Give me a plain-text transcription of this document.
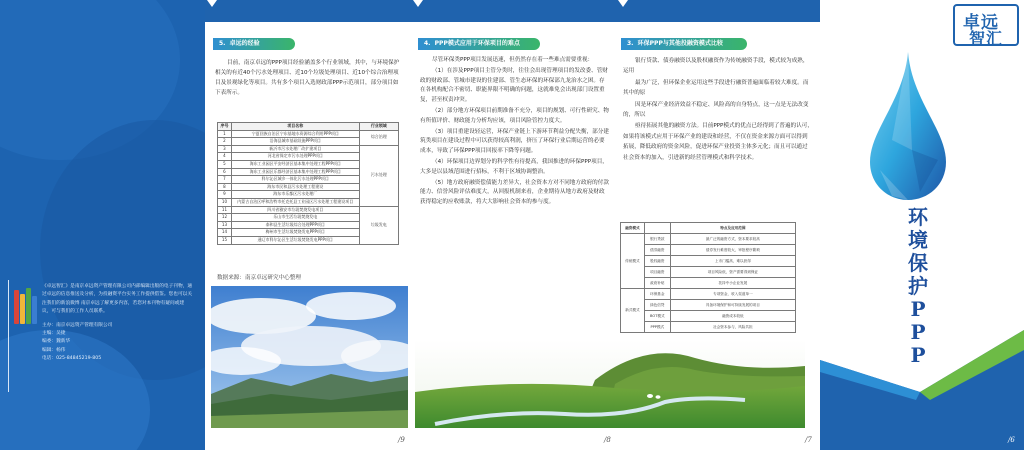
《卓远智汇》是南京卓远资产管理有限公司内部编辑出版的电子刊物，通过卓远的信息推送及分析，为投融资平台实务工作提供借鉴。您也可以关注我们的新浪微博 南京卓远了解更多内容，若您对本刊物有疑问或建议，可与我们的工作人员联系。
主办：南京卓远资产管理有限公司
主编：吴捷
编委：魏新华
编辑：杨伟
电话：025-84845219-805
5. 卓远的经验

目前，南京卓远的PPP项目经验涵盖多个行业领域，其中，与环境保护相关的有近40个污水处理项目、近10个垃圾处理项目、近10个综合治理项目及景观绿化等项目。共有多个项目入选财政部PPP示范项目，部分项目如下表所示。

序号	项目名称	行业领域
1	宁夏回族自治区宁东基地水资源综合利用PPP项目	综合治理
2	沿海县城市基础设施PPP项目	
3	新沂市污水处理厂改扩建项目	污水处理
4	河北省保定市污水处理PPP项目	
5	海东工业园区平安经济区基本集中处理工程PPP项目	
6	海东工业园区乐都经济区基本集中处理工程PPP项目	
7	科尔沁区城乡一体化污水处理PPP项目	
8	海东市民和县污水处理工程建设	
9	海东市乐都区污水处理厂	
10	内蒙古自治区呼和浩特市托克托县工业园区污水处理工程建设项目	
11	四川省雅安市垃圾焚烧发电项目	垃圾发电
12	乐山市生活垃圾焚烧发电	
13	泰和县生活垃圾综合处理PPP项目	
14	梅州市生活垃圾焚烧发电PPP项目	
15	通辽市科尔沁区生活垃圾焚烧发电PPP项目	
数据来源：南京卓远研究中心整理
/9
4. PPP模式应用于环保项目的难点

尽管环保类PPP项目发展迅速，但仍然存在着一些难点需要重视：

（1）在涉及PPP项目主管分类时，往往会出现管理项目的发改委、管财政的财政部、管城市建设的住建部、管生态环保的环保部九龙治水之困。存在各机构配合不密切、职能界限不明确的问题，这就难免会出现部门设置重复，甚至权责冲突。

（2）部分地方环保项目前期准备不充分，项目的规划、可行性研究、物有所值评价、财政能力分析均应该，项目风险管控力度大。

（3）项目重建设轻运营，环保产业链上下游环节利益分配失衡，部分建筑类项目在建设过程中可以获得较高利润，挤压了环保行业后期运营的必要成本，导致了环保PPP项目回报率下降等问题。

（4）环保项目边界划分的科学性有待提高，我国推进的环保PPP项目，大多是以县域范围进行招标，不利于区域协调整治。

（5）地方政府融资偿债能力差异大，社会资本方对不同地方政府的付款能力、信誉风险评估难度大，从回报机制来看，企业期待从地方政府及财政获得稳定的应收账款，将大大影响社会资本的参与度。

/8
3. 环保PPP与其他投融资模式比较

银行贷款、债券融资以及股权融资作为传统融资手段，模式较为成熟，运用

最为广泛，但环保企业运用这些手段进行融资普遍面临着较大难度。而其中的原

因是环保产业经济效益不稳定、风险高的自身特点，这一点是无法改变的，所以

亟待拓展其他的融资方法。目前PPP模式的优点已经得到了普遍的认可，如果将该模式应用于环保产业的建设和经营，不仅在资金来源方面可以得到拓展，降低政府的资金风险，促进环保产业投资主体多元化；而且可以通过社会资本的加入，引进新的经营管理模式和科学技术。

融资模式		特点及应用范围
传统模式	银行贷款	最广泛的融资方式，资本要求较高
	债券融资	债券发行难度较大，审批程序繁琐
	股权融资	上市门槛高，难以获得
	项目融资	项目风险低，资产需要得到保证
	政府补贴	扶持中小企业发展
新式模式	环保基金	专项资金，收入渠道单一
	绿色信贷	具备环境保护和可持续发展的项目
	BOT模式	融资成本较低
	PPP模式	社会资本参与，风险共担
/7	/6
卓远
智汇
环
境
保
护
P
P
P
